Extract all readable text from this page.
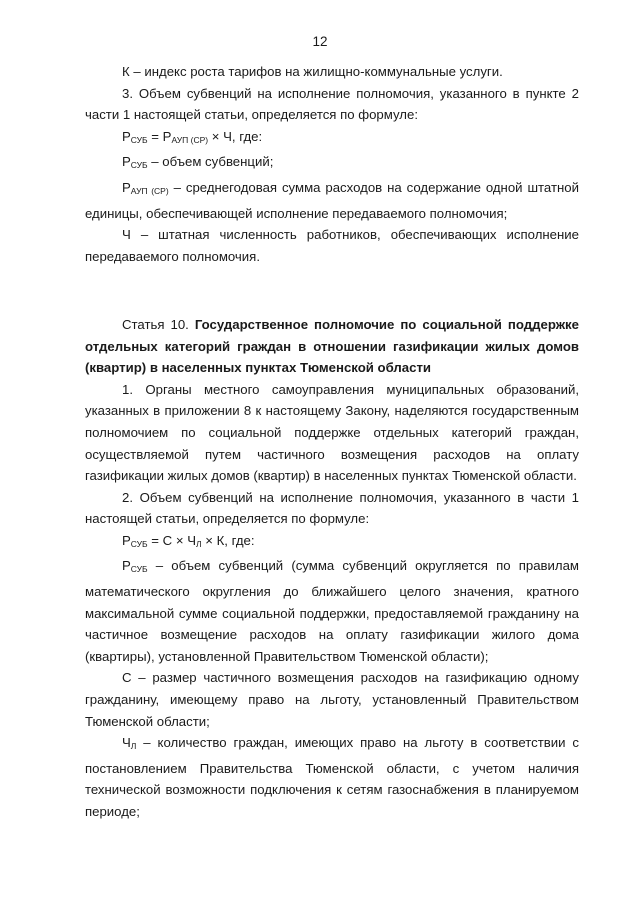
12

К – индекс роста тарифов на жилищно-коммунальные услуги.

3. Объем субвенций на исполнение полномочия, указанного в пункте 2 части 1 настоящей статьи, определяется по формуле:

$Р_{СУБ} = Р_{АУП (СР)} \times Ч$, где:

$Р_{СУБ}$ – объем субвенций;

$Р_{АУП (СР)}$ – среднегодовая сумма расходов на содержание одной штатной единицы, обеспечивающей исполнение передаваемого полномочия;

Ч – штатная численность работников, обеспечивающих исполнение передаваемого полномочия.

Статья 10. Государственное полномочие по социальной поддержке отдельных категорий граждан в отношении газификации жилых домов (квартир) в населенных пунктах Тюменской области

1. Органы местного самоуправления муниципальных образований, указанных в приложении 8 к настоящему Закону, наделяются государственным полномочием по социальной поддержке отдельных категорий граждан, осуществляемой путем частичного возмещения расходов на оплату газификации жилых домов (квартир) в населенных пунктах Тюменской области.

2. Объем субвенций на исполнение полномочия, указанного в части 1 настоящей статьи, определяется по формуле:

$Р_{СУБ} = С \times Ч_Л \times К$, где:

$Р_{СУБ}$ – объем субвенций (сумма субвенций округляется по правилам математического округления до ближайшего целого значения, кратного максимальной сумме социальной поддержки, предоставляемой гражданину на частичное возмещение расходов на оплату газификации жилого дома (квартиры), установленной Правительством Тюменской области);

С – размер частичного возмещения расходов на газификацию одному гражданину, имеющему право на льготу, установленный Правительством Тюменской области;

$Ч_Л$ – количество граждан, имеющих право на льготу в соответствии с постановлением Правительства Тюменской области, с учетом наличия технической возможности подключения к сетям газоснабжения в планируемом периоде;
